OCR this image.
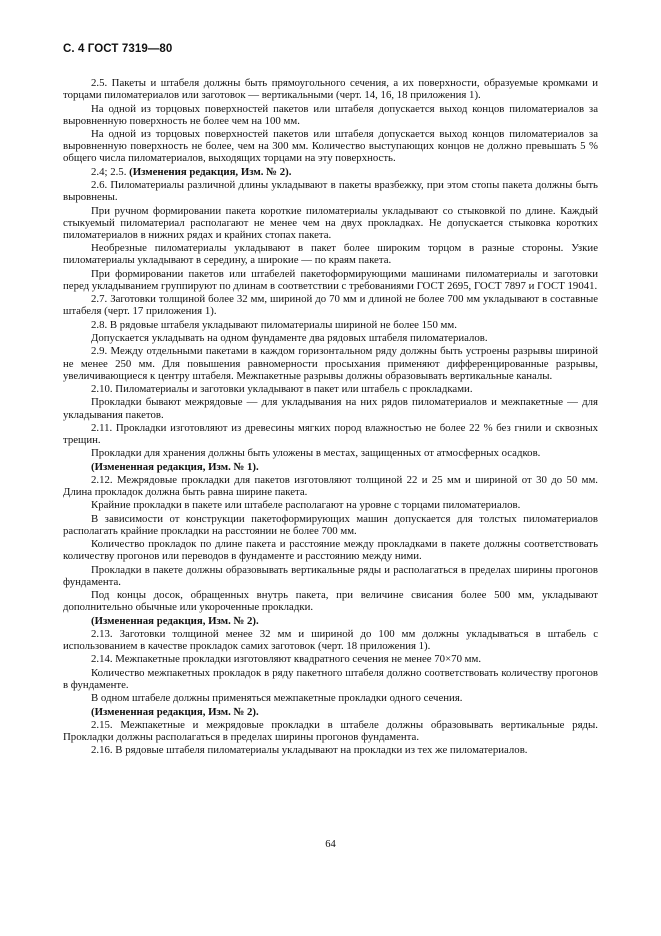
С. 4 ГОСТ 7319—80

2.5. Пакеты и штабеля должны быть прямоугольного сечения, а их поверхности, образуемые кромками и торцами пиломатериалов или заготовок — вертикальными (черт. 14, 16, 18 приложения 1).

На одной из торцовых поверхностей пакетов или штабеля допускается выход концов пиломатериалов за выровненную поверхность не более чем на 100 мм.

На одной из торцовых поверхностей пакетов или штабеля допускается выход концов пиломатериалов за выровненную поверхность не более, чем на 300 мм. Количество выступающих концов не должно превышать 5 % общего числа пиломатериалов, выходящих торцами на эту поверхность.

2.4; 2.5. (Изменения редакция, Изм. № 2).

2.6. Пиломатериалы различной длины укладывают в пакеты вразбежку, при этом стопы пакета должны быть выровнены.

При ручном формировании пакета короткие пиломатериалы укладывают со стыковкой по длине. Каждый стыкуемый пиломатериал располагают не менее чем на двух прокладках. Не допускается стыковка коротких пиломатериалов в нижних рядах и крайних стопах пакета.

Необрезные пиломатериалы укладывают в пакет более широким торцом в разные стороны. Узкие пиломатериалы укладывают в середину, а широкие — по краям пакета.

При формировании пакетов или штабелей пакетоформирующими машинами пиломатериалы и заготовки перед укладыванием группируют по длинам в соответствии с требованиями ГОСТ 2695, ГОСТ 7897 и ГОСТ 19041.

2.7. Заготовки толщиной более 32 мм, шириной до 70 мм и длиной не более 700 мм укладывают в составные штабеля (черт. 17 приложения 1).

2.8. В рядовые штабеля укладывают пиломатериалы шириной не более 150 мм.

Допускается укладывать на одном фундаменте два рядовых штабеля пиломатериалов.

2.9. Между отдельными пакетами в каждом горизонтальном ряду должны быть устроены разрывы шириной не менее 250 мм. Для повышения равномерности просыхания применяют дифференцированные разрывы, увеличивающиеся к центру штабеля. Межпакетные разрывы должны образовывать вертикальные каналы.

2.10. Пиломатериалы и заготовки укладывают в пакет или штабель с прокладками.

Прокладки бывают межрядовые — для укладывания на них рядов пиломатериалов и межпакетные — для укладывания пакетов.

2.11. Прокладки изготовляют из древесины мягких пород влажностью не более 22 % без гнили и сквозных трещин.

Прокладки для хранения должны быть уложены в местах, защищенных от атмосферных осадков.

(Измененная редакция, Изм. № 1).

2.12. Межрядовые прокладки для пакетов изготовляют толщиной 22 и 25 мм и шириной от 30 до 50 мм. Длина прокладок должна быть равна ширине пакета.

Крайние прокладки в пакете или штабеле располагают на уровне с торцами пиломатериалов.

В зависимости от конструкции пакетоформирующих машин допускается для толстых пиломатериалов располагать крайние прокладки на расстоянии не более 700 мм.

Количество прокладок по длине пакета и расстояние между прокладками в пакете должны соответствовать количеству прогонов или переводов в фундаменте и расстоянию между ними.

Прокладки в пакете должны образовывать вертикальные ряды и располагаться в пределах ширины прогонов фундамента.

Под концы досок, обращенных внутрь пакета, при величине свисания более 500 мм, укладывают дополнительно обычные или укороченные прокладки.

(Измененная редакция, Изм. № 2).

2.13. Заготовки толщиной менее 32 мм и шириной до 100 мм должны укладываться в штабель с использованием в качестве прокладок самих заготовок (черт. 18 приложения 1).

2.14. Межпакетные прокладки изготовляют квадратного сечения не менее 70×70 мм.

Количество межпакетных прокладок в ряду пакетного штабеля должно соответствовать количеству прогонов в фундаменте.

В одном штабеле должны применяться межпакетные прокладки одного сечения.

(Измененная редакция, Изм. № 2).

2.15. Межпакетные и межрядовые прокладки в штабеле должны образовывать вертикальные ряды. Прокладки должны располагаться в пределах ширины прогонов фундамента.

2.16. В рядовые штабеля пиломатериалы укладывают на прокладки из тех же пиломатериалов.

64
